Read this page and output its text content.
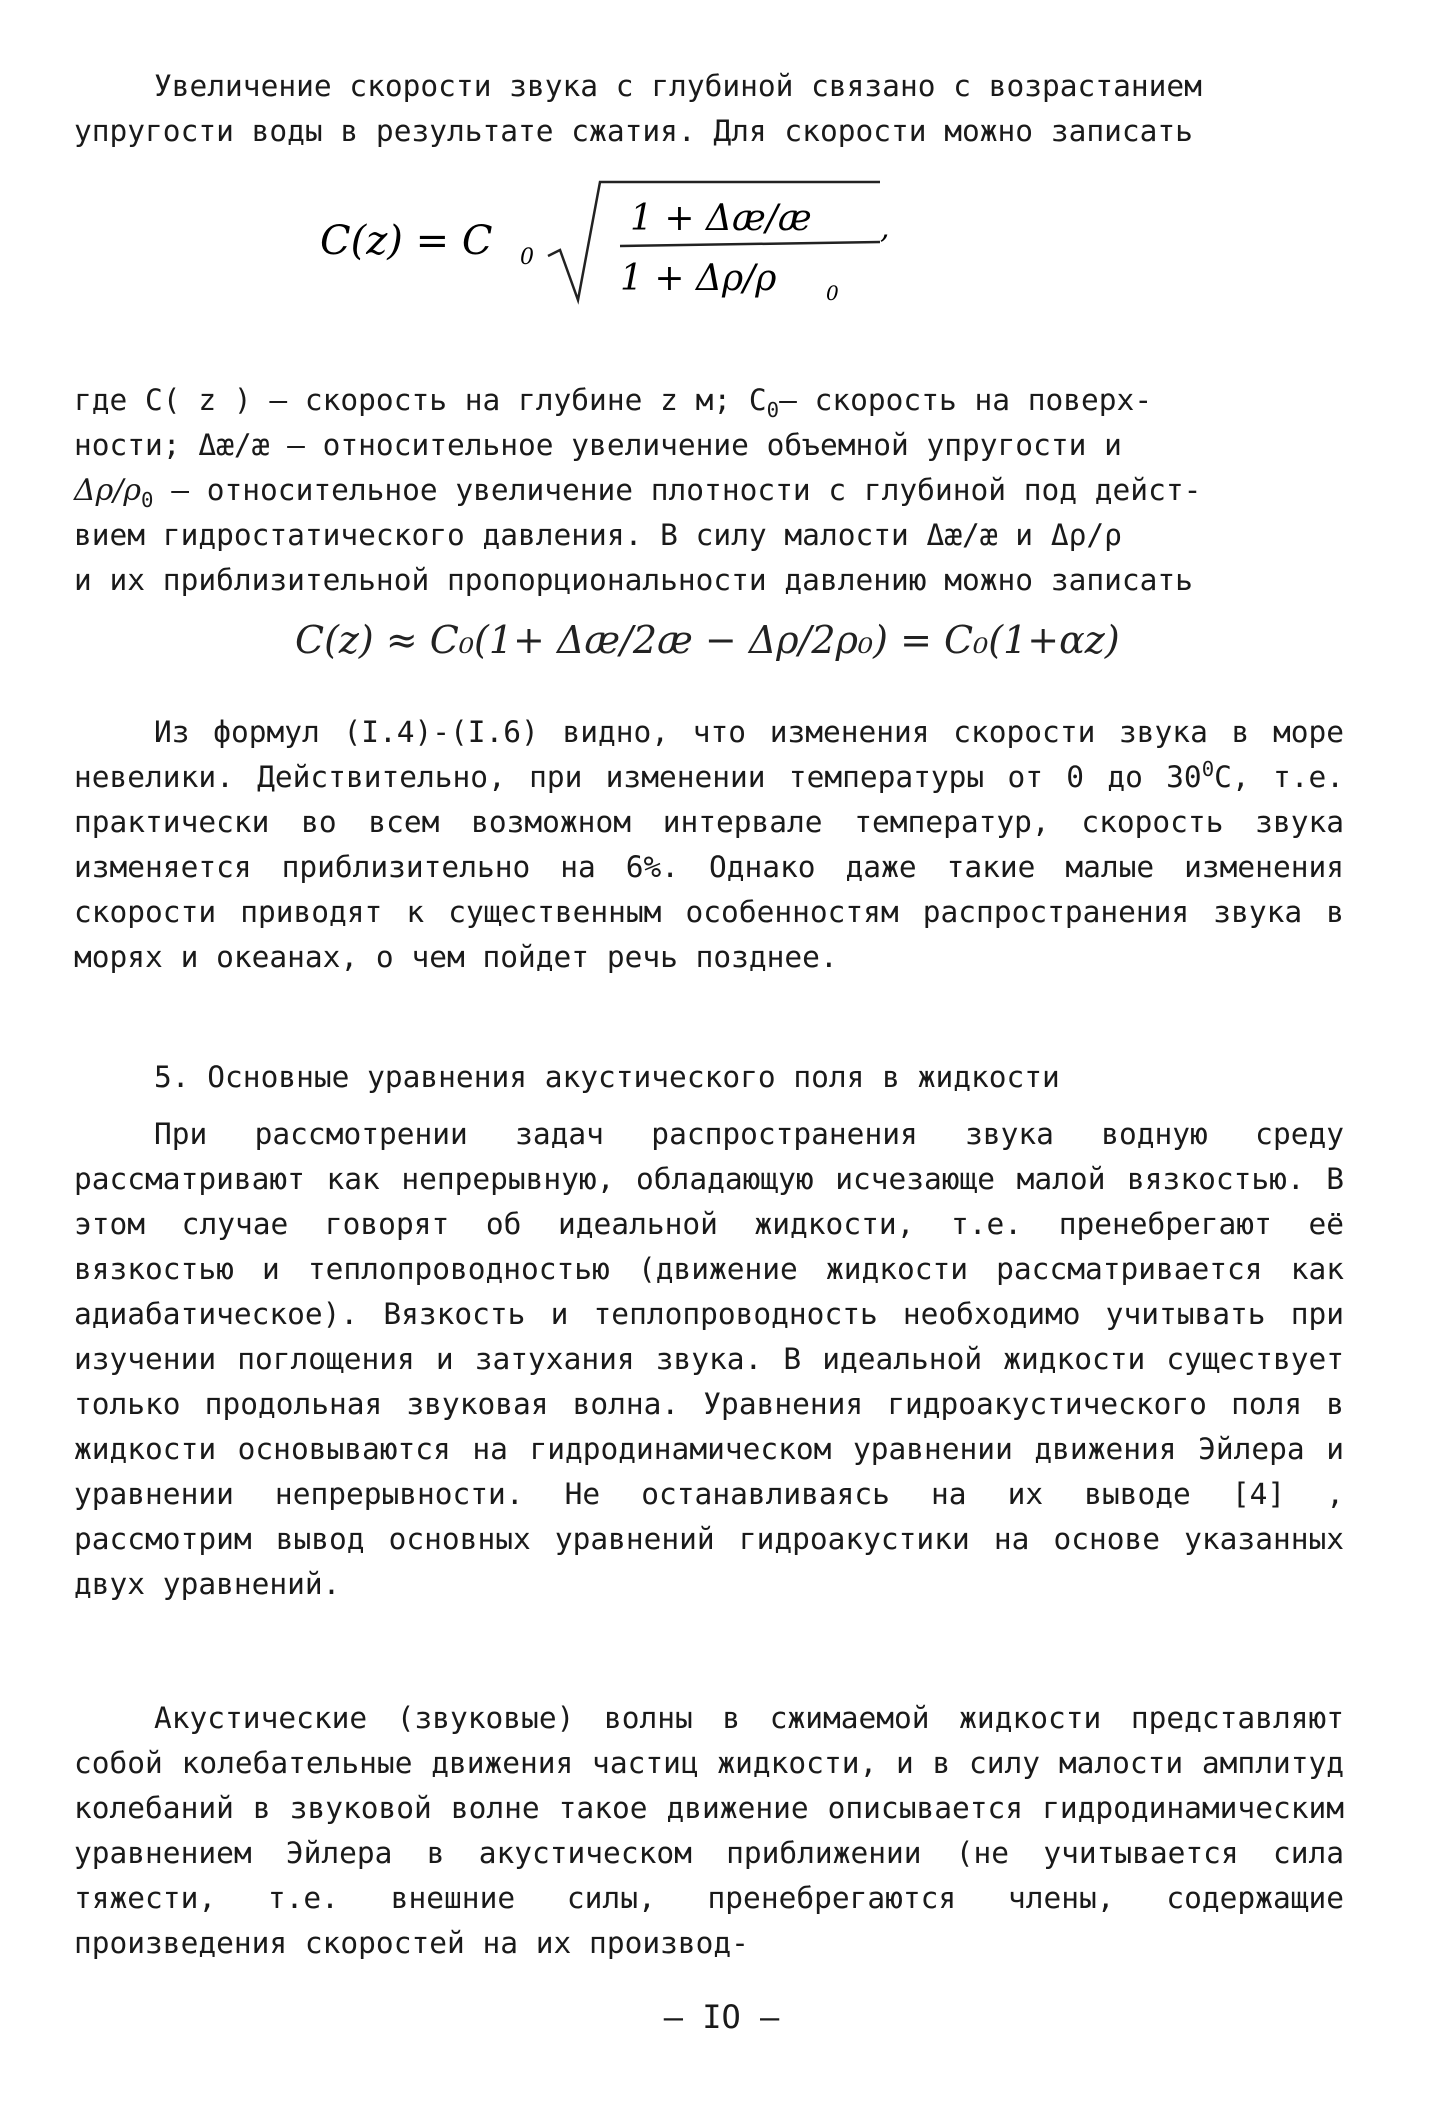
Увеличение скорости звука с глубиной связано с возрастанием

упругости воды в результате сжатия. Для скорости можно записать

C(z) = C 0
1 + Δæ/æ
1 + Δρ/ρ 0
,

где C( z ) – скорость на глубине z м; $C_0-$ скорость на поверх-

ности; Δæ/æ – относительное увеличение объемной упругости и

$\Delta\rho/\rho_0$ – относительное увеличение плотности с глубиной под дейст-

вием гидростатического давления. В силу малости Δæ/æ и Δρ/ρ

и их приблизительной пропорциональности давлению можно записать

C(z) ≈ C₀(1+ Δæ/2æ − Δρ/2ρ₀) = C₀(1+αz)

Из формул (I.4)-(I.6) видно, что изменения скорости звука в море невелики. Действительно, при изменении температуры от 0 до $30^0С$, т.е. практически во всем возможном интервале температур, скорость звука изменяется приблизительно на 6%. Однако даже такие малые изменения скорости приводят к существенным особенностям распространения звука в морях и океанах, о чем пойдет речь позднее.

5. Основные уравнения акустического поля в жидкости

При рассмотрении задач распространения звука водную среду рассматривают как непрерывную, обладающую исчезающе малой вязкостью. В этом случае говорят об идеальной жидкости, т.е. пренебрегают её вязкостью и теплопроводностью (движение жидкости рассматривается как адиабатическое). Вязкость и теплопроводность необходимо учитывать при изучении поглощения и затухания звука. В идеальной жидкости существует только продольная звуковая волна. Уравнения гидроакустического поля в жидкости основываются на гидродинамическом уравнении движения Эйлера и уравнении непрерывности. Не останавливаясь на их выводе [4] , рассмотрим вывод основных уравнений гидроакустики на основе указанных двух уравнений.

Акустические (звуковые) волны в сжимаемой жидкости представляют собой колебательные движения частиц жидкости, и в силу малости амплитуд колебаний в звуковой волне такое движение описывается гидродинамическим уравнением Эйлера в акустическом приближении (не учитывается сила тяжести, т.е. внешние силы, пренебрегаются члены, содержащие произведения скоростей на их производ-

– IO –
